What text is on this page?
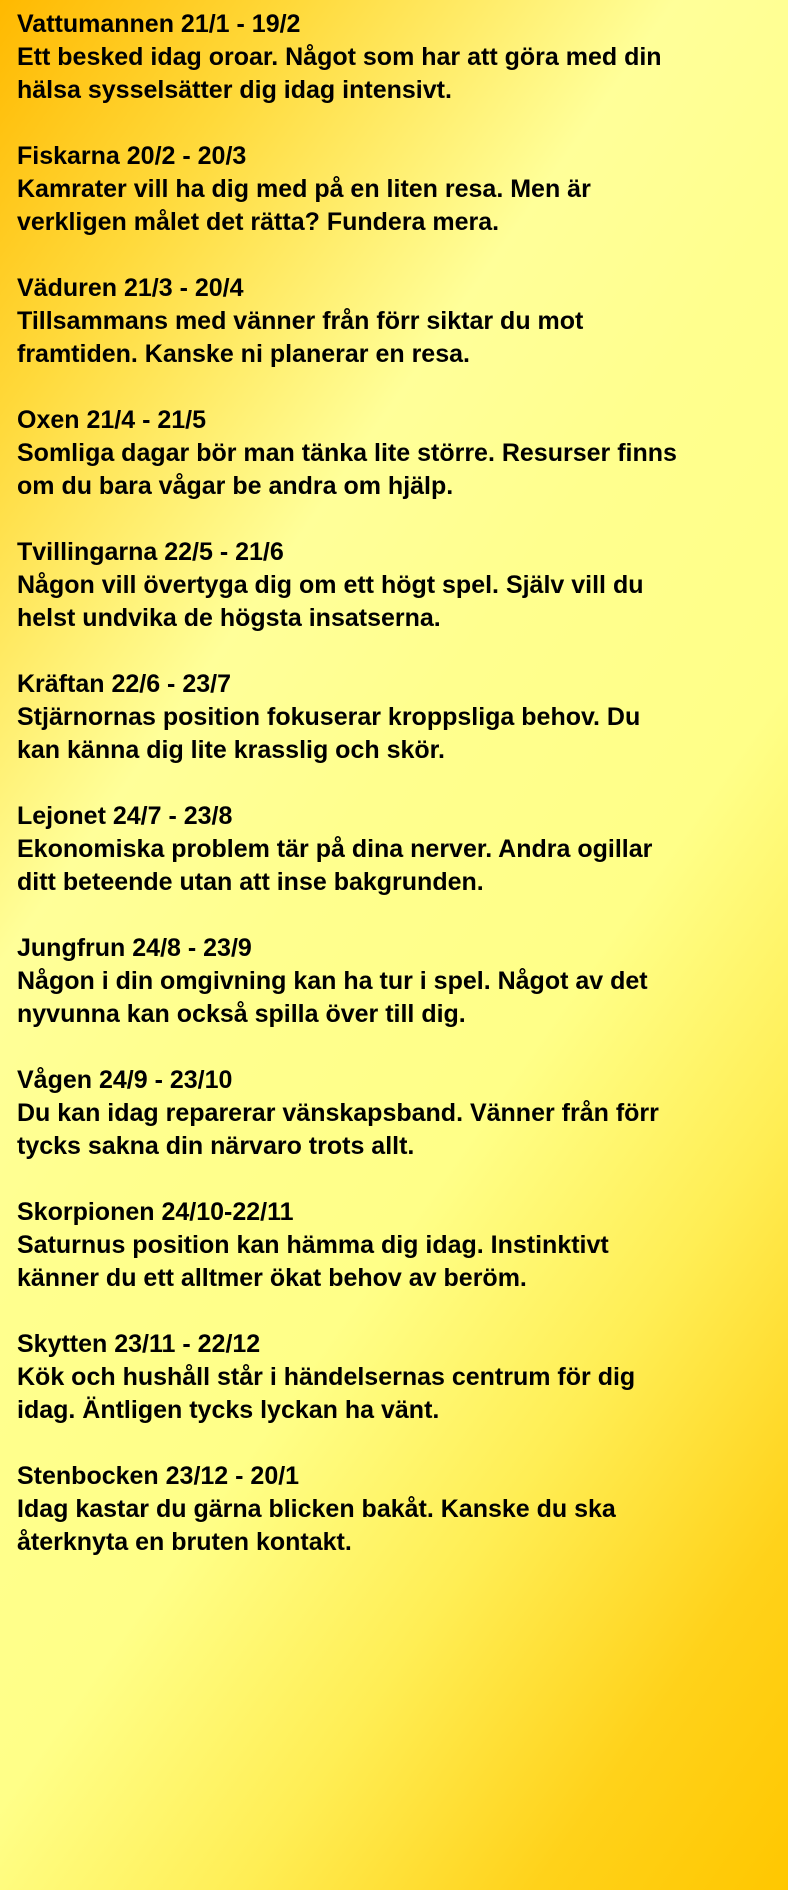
Vattumannen 21/1 - 19/2
Ett besked idag oroar. Något som har att göra med din
hälsa sysselsätter dig idag intensivt.
Fiskarna 20/2 - 20/3
Kamrater vill ha dig med på en liten resa. Men är
verkligen målet det rätta? Fundera mera.
Väduren 21/3 - 20/4
Tillsammans med vänner från förr siktar du mot
framtiden. Kanske ni planerar en resa.
Oxen 21/4 - 21/5
Somliga dagar bör man tänka lite större. Resurser finns
om du bara vågar be andra om hjälp.
Tvillingarna 22/5 - 21/6
Någon vill övertyga dig om ett högt spel. Själv vill du
helst undvika de högsta insatserna.
Kräftan 22/6 - 23/7
Stjärnornas position fokuserar kroppsliga behov. Du
kan känna dig lite krasslig och skör.
Lejonet 24/7 - 23/8
Ekonomiska problem tär på dina nerver. Andra ogillar
ditt beteende utan att inse bakgrunden.
Jungfrun 24/8 - 23/9
Någon i din omgivning kan ha tur i spel. Något av det
nyvunna kan också spilla över till dig.
Vågen 24/9 - 23/10
Du kan idag reparerar vänskapsband. Vänner från förr
tycks sakna din närvaro trots allt.
Skorpionen 24/10-22/11
Saturnus position kan hämma dig idag. Instinktivt
känner du ett alltmer ökat behov av beröm.
Skytten 23/11 - 22/12
Kök och hushåll står i händelsernas centrum för dig
idag. Äntligen tycks lyckan ha vänt.
Stenbocken 23/12 - 20/1
Idag kastar du gärna blicken bakåt. Kanske du ska
återknyta en bruten kontakt.
